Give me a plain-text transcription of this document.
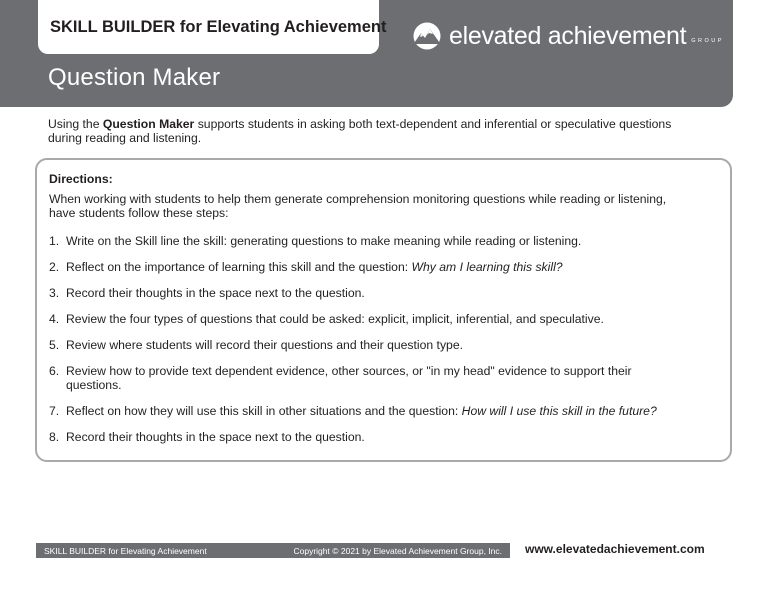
SKILL BUILDER for Elevating Achievement
Question Maker
elevated achievement GROUP
Using the Question Maker supports students in asking both text-dependent and inferential or speculative questions during reading and listening.
Directions:
When working with students to help them generate comprehension monitoring questions while reading or listening, have students follow these steps:
1. Write on the Skill line the skill: generating questions to make meaning while reading or listening.
2. Reflect on the importance of learning this skill and the question: Why am I learning this skill?
3. Record their thoughts in the space next to the question.
4. Review the four types of questions that could be asked: explicit, implicit, inferential, and speculative.
5. Review where students will record their questions and their question type.
6. Review how to provide text dependent evidence, other sources, or "in my head" evidence to support their questions.
7. Reflect on how they will use this skill in other situations and the question: How will I use this skill in the future?
8. Record their thoughts in the space next to the question.
SKILL BUILDER for Elevating Achievement	Copyright © 2021 by Elevated Achievement Group, Inc. www.elevatedachievement.com
